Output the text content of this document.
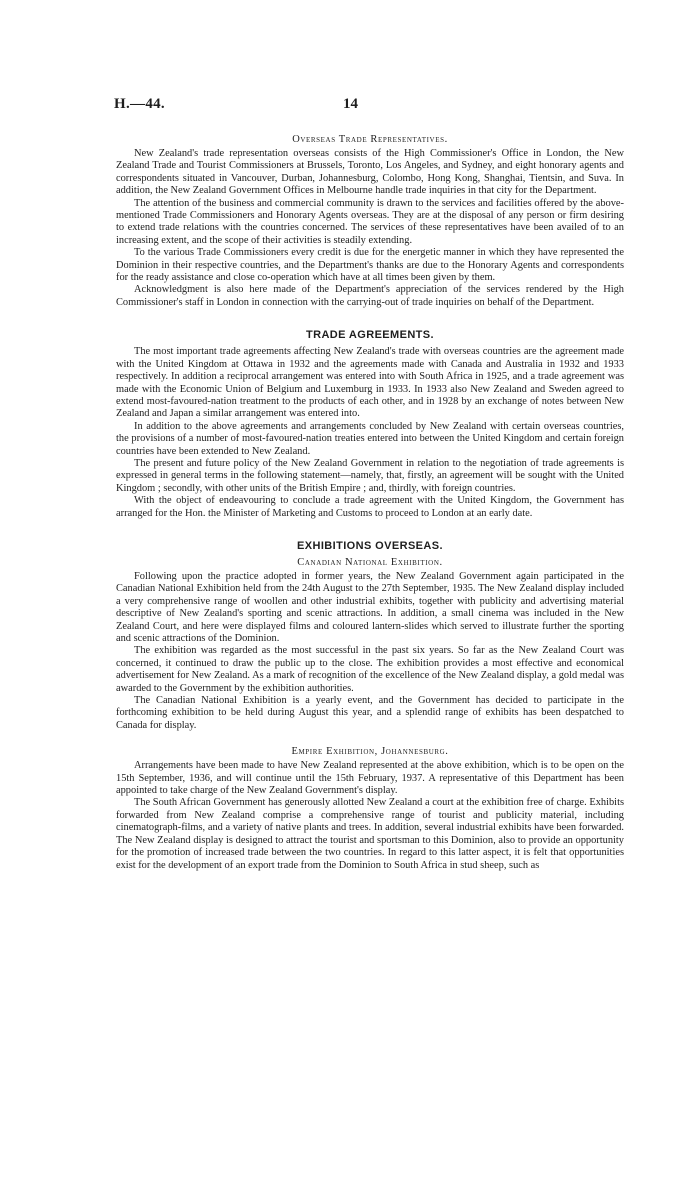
H.—44.	14
Overseas Trade Representatives.

New Zealand's trade representation overseas consists of the High Commissioner's Office in London, the New Zealand Trade and Tourist Commissioners at Brussels, Toronto, Los Angeles, and Sydney, and eight honorary agents and correspondents situated in Vancouver, Durban, Johannesburg, Colombo, Hong Kong, Shanghai, Tientsin, and Suva. In addition, the New Zealand Government Offices in Melbourne handle trade inquiries in that city for the Department.

The attention of the business and commercial community is drawn to the services and facilities offered by the above-mentioned Trade Commissioners and Honorary Agents overseas. They are at the disposal of any person or firm desiring to extend trade relations with the countries concerned. The services of these representatives have been availed of to an increasing extent, and the scope of their activities is steadily extending.

To the various Trade Commissioners every credit is due for the energetic manner in which they have represented the Dominion in their respective countries, and the Department's thanks are due to the Honorary Agents and correspondents for the ready assistance and close co-operation which have at all times been given by them.

Acknowledgment is also here made of the Department's appreciation of the services rendered by the High Commissioner's staff in London in connection with the carrying-out of trade inquiries on behalf of the Department.

TRADE AGREEMENTS.

The most important trade agreements affecting New Zealand's trade with overseas countries are the agreement made with the United Kingdom at Ottawa in 1932 and the agreements made with Canada and Australia in 1932 and 1933 respectively. In addition a reciprocal arrangement was entered into with South Africa in 1925, and a trade agreement was made with the Economic Union of Belgium and Luxemburg in 1933. In 1933 also New Zealand and Sweden agreed to extend most-favoured-nation treatment to the products of each other, and in 1928 by an exchange of notes between New Zealand and Japan a similar arrangement was entered into.

In addition to the above agreements and arrangements concluded by New Zealand with certain overseas countries, the provisions of a number of most-favoured-nation treaties entered into between the United Kingdom and certain foreign countries have been extended to New Zealand.

The present and future policy of the New Zealand Government in relation to the negotiation of trade agreements is expressed in general terms in the following statement—namely, that, firstly, an agreement will be sought with the United Kingdom ; secondly, with other units of the British Empire ; and, thirdly, with foreign countries.

With the object of endeavouring to conclude a trade agreement with the United Kingdom, the Government has arranged for the Hon. the Minister of Marketing and Customs to proceed to London at an early date.

EXHIBITIONS OVERSEAS.
Canadian National Exhibition.

Following upon the practice adopted in former years, the New Zealand Government again participated in the Canadian National Exhibition held from the 24th August to the 27th September, 1935. The New Zealand display included a very comprehensive range of woollen and other industrial exhibits, together with publicity and advertising material descriptive of New Zealand's sporting and scenic attractions. In addition, a small cinema was included in the New Zealand Court, and here were displayed films and coloured lantern-slides which served to illustrate further the sporting and scenic attractions of the Dominion.

The exhibition was regarded as the most successful in the past six years. So far as the New Zealand Court was concerned, it continued to draw the public up to the close. The exhibition provides a most effective and economical advertisement for New Zealand. As a mark of recognition of the excellence of the New Zealand display, a gold medal was awarded to the Government by the exhibition authorities.

The Canadian National Exhibition is a yearly event, and the Government has decided to participate in the forthcoming exhibition to be held during August this year, and a splendid range of exhibits has been despatched to Canada for display.

Empire Exhibition, Johannesburg.

Arrangements have been made to have New Zealand represented at the above exhibition, which is to be open on the 15th September, 1936, and will continue until the 15th February, 1937. A representative of this Department has been appointed to take charge of the New Zealand Government's display.

The South African Government has generously allotted New Zealand a court at the exhibition free of charge. Exhibits forwarded from New Zealand comprise a comprehensive range of tourist and publicity material, including cinematograph-films, and a variety of native plants and trees. In addition, several industrial exhibits have been forwarded. The New Zealand display is designed to attract the tourist and sportsman to this Dominion, also to provide an opportunity for the promotion of increased trade between the two countries. In regard to this latter aspect, it is felt that opportunities exist for the development of an export trade from the Dominion to South Africa in stud sheep, such as
